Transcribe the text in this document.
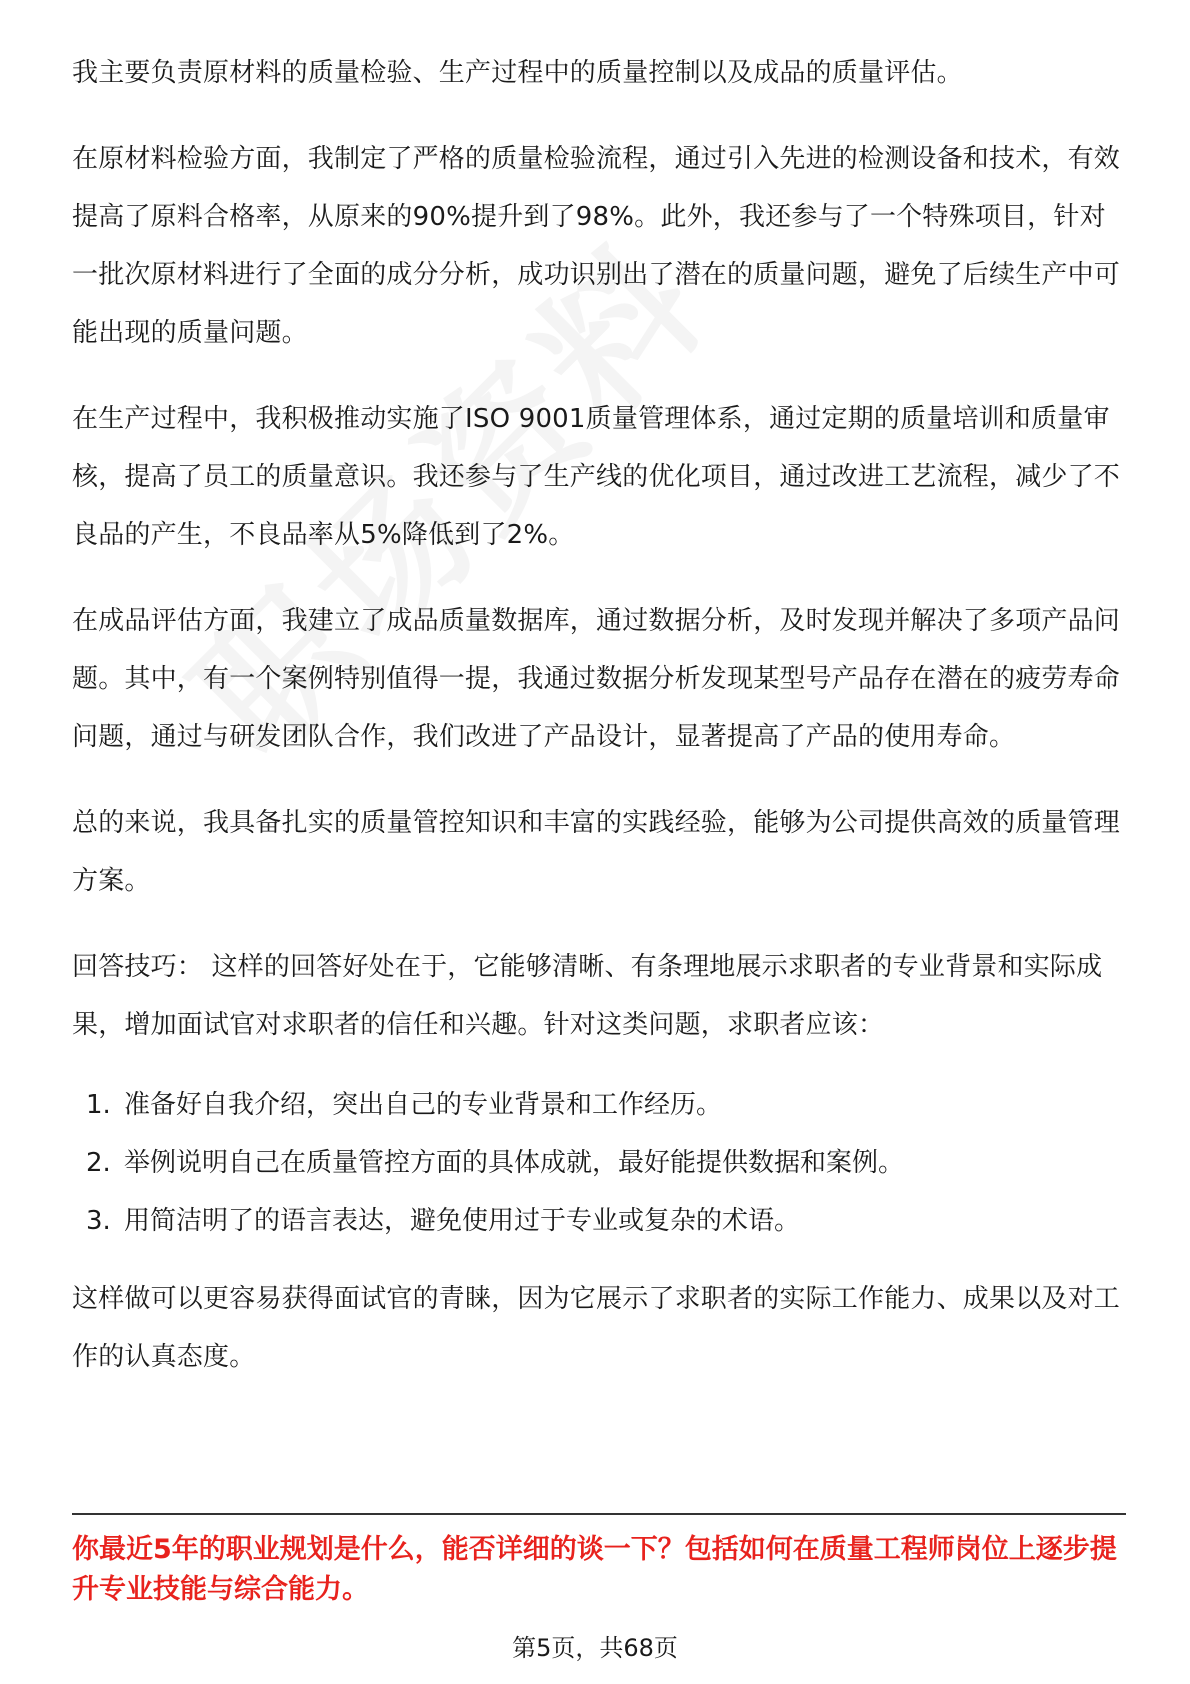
我主要负责原材料的质量检验、生产过程中的质量控制以及成品的质量评估。

在原材料检验方面，我制定了严格的质量检验流程，通过引入先进的检测设备和技术，有效提高了原料合格率，从原来的90%提升到了98%。此外，我还参与了一个特殊项目，针对一批次原材料进行了全面的成分分析，成功识别出了潜在的质量问题，避免了后续生产中可能出现的质量问题。

在生产过程中，我积极推动实施了ISO 9001质量管理体系，通过定期的质量培训和质量审核，提高了员工的质量意识。我还参与了生产线的优化项目，通过改进工艺流程，减少了不良品的产生，不良品率从5%降低到了2%。

在成品评估方面，我建立了成品质量数据库，通过数据分析，及时发现并解决了多项产品问题。其中，有一个案例特别值得一提，我通过数据分析发现某型号产品存在潜在的疲劳寿命问题，通过与研发团队合作，我们改进了产品设计，显著提高了产品的使用寿命。

总的来说，我具备扎实的质量管控知识和丰富的实践经验，能够为公司提供高效的质量管理方案。

回答技巧： 这样的回答好处在于，它能够清晰、有条理地展示求职者的专业背景和实际成果，增加面试官对求职者的信任和兴趣。针对这类问题，求职者应该：

1. 准备好自我介绍，突出自己的专业背景和工作经历。
2. 举例说明自己在质量管控方面的具体成就，最好能提供数据和案例。
3. 用简洁明了的语言表达，避免使用过于专业或复杂的术语。

这样做可以更容易获得面试官的青睐，因为它展示了求职者的实际工作能力、成果以及对工作的认真态度。

你最近5年的职业规划是什么，能否详细的谈一下？包括如何在质量工程师岗位上逐步提升专业技能与综合能力。
第5页，共68页
